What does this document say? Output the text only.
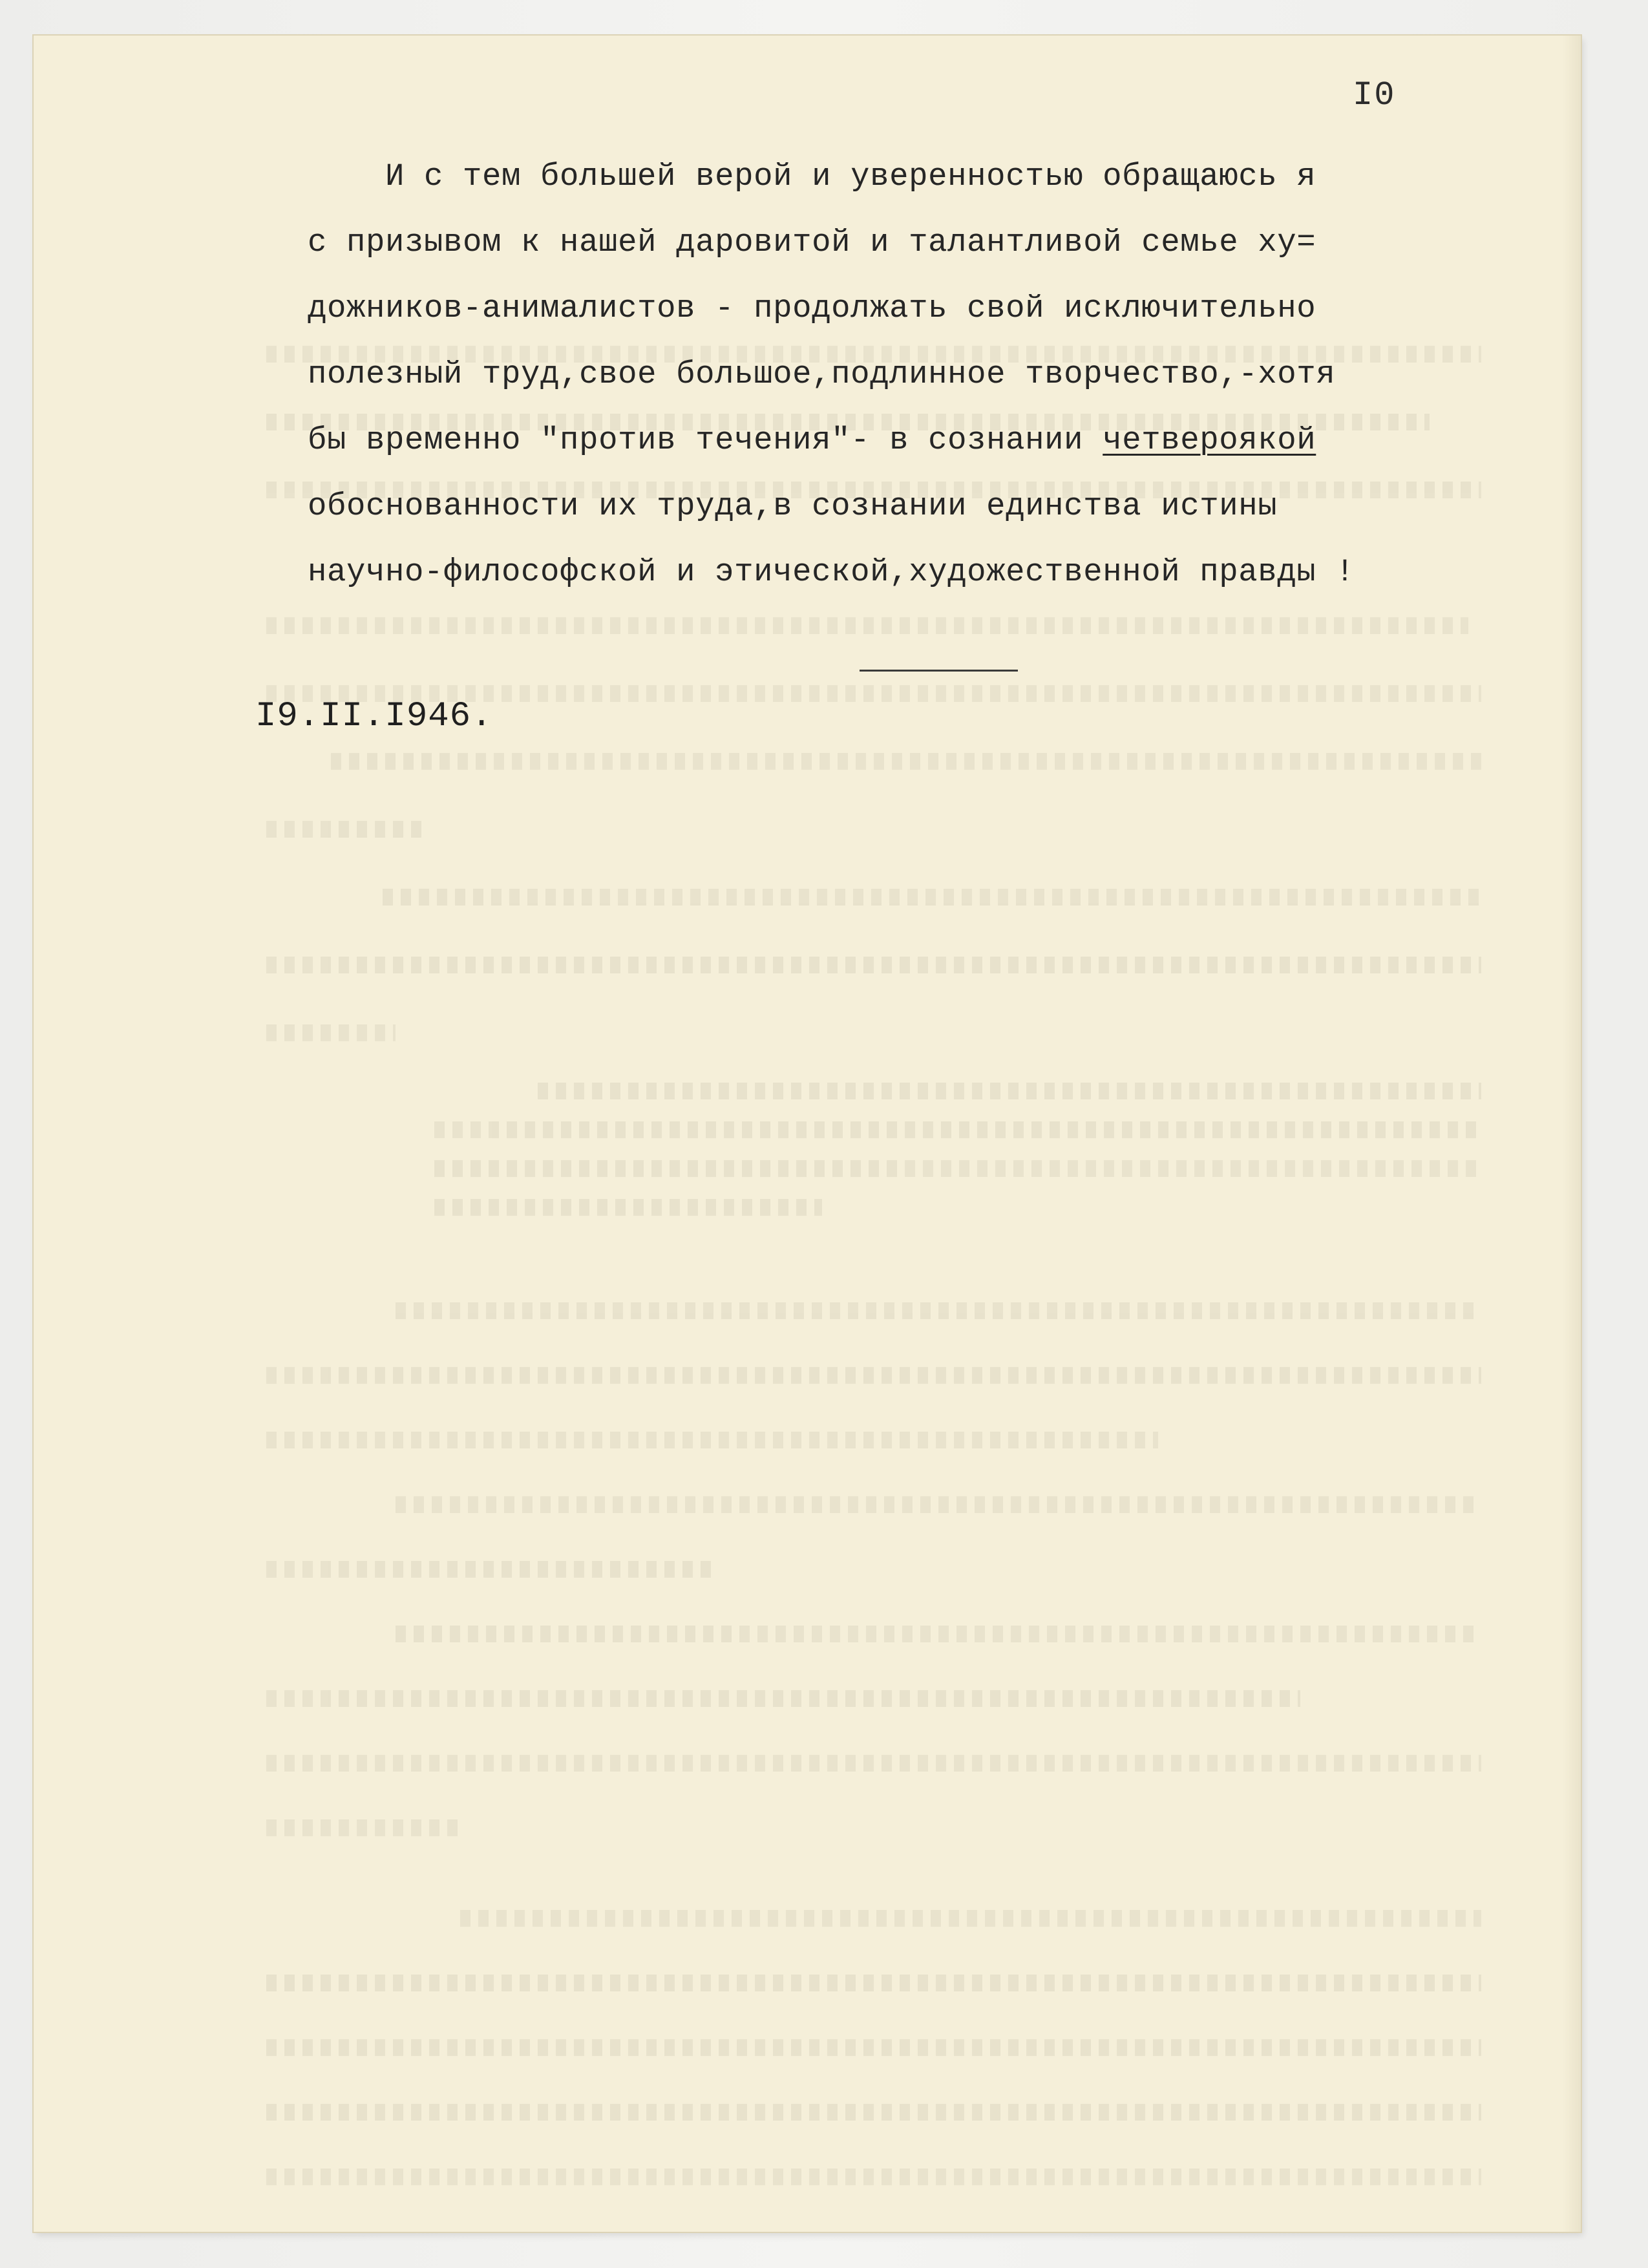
I0
И с тем большей верой и уверенностью обращаюсь я
с призывом к нашей даровитой и талантливой семье ху=
дожников-анималистов - продолжать свой исключительно
полезный труд,свое большое,подлинное творчество,-хотя
бы временно "против течения"- в сознании четвероякой
обоснованности их труда,в сознании единства истины
научно-философской и этической,художественной правды !
I9.II.I946.
